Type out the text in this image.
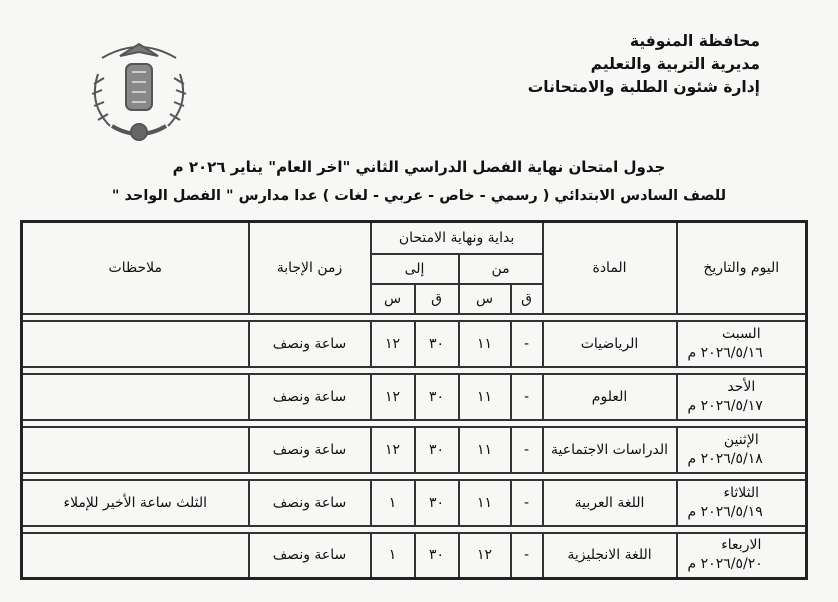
محافظة المنوفية
مديرية التربية والتعليم
إدارة شئون الطلبة والامتحانات
جدول امتحان نهاية الفصل الدراسي الثاني "اخر العام" يناير ٢٠٢٦ م
للصف السادس الابتدائي ( رسمي - خاص - عربي - لغات ) عدا مدارس " الفصل الواحد "
اليوم والتاريخ	المادة	بداية ونهاية الامتحان				زمن الإجابة	ملاحظات
		من		إلى			
		ق	س	ق	س		

السبت
٢٠٢٦/٥/١٦ م	الرياضيات	-	١١	٣٠	١٢	ساعة ونصف	

الأحد
٢٠٢٦/٥/١٧ م	العلوم	-	١١	٣٠	١٢	ساعة ونصف	

الإثنين
٢٠٢٦/٥/١٨ م	الدراسات الاجتماعية	-	١١	٣٠	١٢	ساعة ونصف	

الثلاثاء
٢٠٢٦/٥/١٩ م	اللغة العربية	-	١١	٣٠	١	ساعة ونصف	الثلث ساعة الأخير للإملاء

الاربعاء
٢٠٢٦/٥/٢٠ م	اللغة الانجليزية	-	١٢	٣٠	١	ساعة ونصف	
